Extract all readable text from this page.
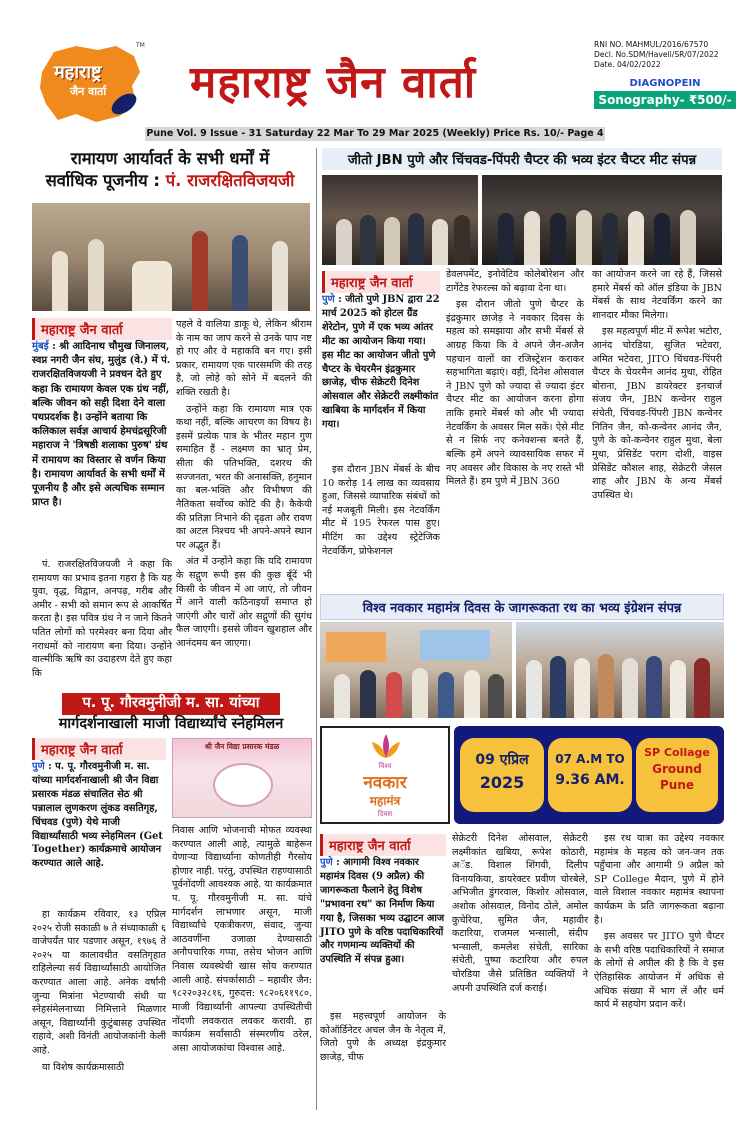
महाराष्ट्र
जैन वार्ता
TM
महाराष्ट्र जैन वार्ता
RNI NO. MAHMUL/2016/67570
Decl. No.SDM/Haveli/SR/07/2022
Date. 04/02/2022
DIAGNOPEIN
Sonography- ₹500/-
Pune Vol. 9 Issue - 31 Saturday 22 Mar To 29 Mar 2025 (Weekly) Price Rs. 10/- Page 4
रामायण आर्यावर्त के सभी धर्मों में
सर्वाधिक पूजनीय : पं. राजरक्षितविजयजी
महाराष्ट्र जैन वार्ता
मुंबई : श्री आदिनाथ चौमुख जिनालय, स्वप्न नगरी जैन संघ, मुलुंड (वे.) में पं. राजरक्षितविजयजी ने प्रवचन देते हुए कहा कि रामायण केवल एक ग्रंथ नहीं, बल्कि जीवन को सही दिशा देने वाला पथप्रदर्शक है। उन्होंने बताया कि कलिकाल सर्वज्ञ आचार्य हेमचंद्रसूरिजी महाराज ने 'त्रिषष्ठी शलाका पुरुष' ग्रंथ में रामायण का विस्तार से वर्णन किया है। रामायण आर्यावर्त के सभी धर्मों में पूजनीय है और इसे अत्यधिक सम्मान प्राप्त है।

पं. राजरक्षितविजयजी ने कहा कि रामायण का प्रभाव इतना गहरा है कि यह युवा, वृद्ध, विद्वान, अनपढ़, गरीब और अमीर - सभी को समान रूप से आकर्षित करता है। इस पवित्र ग्रंथ ने न जाने कितने पतित लोगों को परमेश्वर बना दिया और नराधमों को नारायण बना दिया। उन्होंने वाल्मीकि ऋषि का उदाहरण देते हुए कहा कि

पहले वे वालिया डाकू थे, लेकिन श्रीराम के नाम का जाप करने से उनके पाप नष्ट हो गए और वे महाकवि बन गए। इसी प्रकार, रामायण एक पारसमणि की तरह है, जो लोहे को सोने में बदलने की शक्ति रखती है।

उन्होंने कहा कि रामायण मात्र एक कथा नहीं, बल्कि आचरण का विषय है। इसमें प्रत्येक पात्र के भीतर महान गुण समाहित हैं - लक्ष्मण का भ्रातृ प्रेम, सीता की पतिभक्ति, दशरथ की सज्जनता, भरत की अनासक्ति, हनुमान का बल-भक्ति और विभीषण की नैतिकता सर्वोच्च कोटि की है। कैकेयी की प्रतिज्ञा निभाने की दृढ़ता और रावण का अटल निश्चय भी अपने-अपने स्थान पर अद्भुत हैं।

अंत में उन्होंने कहा कि यदि रामायण के सद्गुण रूपी इस की कुछ बूँदें भी किसी के जीवन में आ जाएं, तो जीवन में आने वाली कठिनाइयाँ समाप्त हो जाएंगी और चारों ओर सद्गुणों की सुगंध फैल जाएगी। इससे जीवन खुशहाल और आनंदमय बन जाएगा।

प. पू. गौरवमुनीजी म. सा. यांच्या
मार्गदर्शनाखाली माजी विद्यार्थ्यांचे स्नेहमिलन
महाराष्ट्र जैन वार्ता
पुणे : प. पू. गौरवमुनीजी म. सा. यांच्या मार्गदर्शनाखाली श्री जैन विद्या प्रसारक मंडळ संचालित सेठ श्री पन्नालाल लुणकरण लुंकड वसतिगृह, चिंचवड (पुणे) येथे माजी विद्यार्थ्यांसाठी भव्य स्नेहमिलन (Get Together) कार्यक्रमाचे आयोजन करण्यात आले आहे.

हा कार्यक्रम रविवार, १३ एप्रिल २०२५ रोजी सकाळी ७ ते संध्याकाळी ६ वाजेपर्यंत पार पडणार असून, १९७६ ते २०२५ या कालावधीत वसतिगृहात राहिलेल्या सर्व विद्यार्थ्यांसाठी आयोजित करण्यात आला आहे. अनेक वर्षांनी जुन्या मित्रांना भेटण्याची संधी या स्नेहसंमेलनाच्या निमित्ताने मिळणार असून, विद्यार्थ्यांनी कुटुंबासह उपस्थित राहावे, अशी विनंती आयोजकांनी केली आहे.

या विशेष कार्यक्रमासाठी

श्री जैन विद्या प्रसारक मंडळ

निवास आणि भोजनाची मोफत व्यवस्था करण्यात आली आहे, त्यामुळे बाहेरून येणाऱ्या विद्यार्थ्यांना कोणतीही गैरसोय होणार नाही. परंतु, उपस्थित राहण्यासाठी पूर्वनोंदणी आवश्यक आहे. या कार्यक्रमात प. पू. गौरवमुनीजी म. सा. यांचे मार्गदर्शन लाभणार असून, माजी विद्यार्थ्यांचे एकत्रीकरण, संवाद, जुन्या आठवणींना उजाळा देण्यासाठी अनौपचारिक गप्पा, तसेच भोजन आणि निवास व्यवस्थेची खास सोय करण्यात आली आहे. संपर्कासाठी – महावीर जैन: ९८२२०३२८१६, गुरुदत्त: ९८२०६११९८०. माजी विद्यार्थ्यांनी आपल्या उपस्थितीची नोंदणी लवकरात लवकर करावी. हा कार्यक्रम सर्वांसाठी संस्मरणीय ठरेल, असा आयोजकांचा विश्वास आहे.

जीतो JBN पुणे और चिंचवड-पिंपरी चैप्टर की भव्य इंटर चैप्टर मीट संपन्न
महाराष्ट्र जैन वार्ता
पुणे : जीतो पुणे JBN द्वारा 22 मार्च 2025 को होटल ग्रैंड शेरेटोन, पुणे में एक भव्य आंतर मीट का आयोजन किया गया। इस मीट का आयोजन जीतो पुणे चैप्टर के चेयरमैन इंद्रकुमार छाजेड़, चीफ सेक्रेटरी दिनेश ओसवाल और सेक्रेटरी लक्ष्मीकांत खाबिया के मार्गदर्शन में किया गया।

इस दौरान JBN मेंबर्स के बीच 10 करोड़ 14 लाख का व्यवसाय हुआ, जिससे व्यापारिक संबंधों को नई मजबूती मिली। इस नेटवर्किंग मीट में 195 रेफरल पास हुए। मीटिंग का उद्देश्य स्ट्रेटेजिक नेटवर्किंग, प्रोफेशनल

डेवलपमेंट, इनोवेटिव कोलेबोरेशन और टार्गेटेड रेफरल्स को बढ़ावा देना था।

इस दौरान जीतो पुणे चैप्टर के इंद्रकुमार छाजेड़ ने नवकार दिवस के महत्व को समझाया और सभी मेंबर्स से आग्रह किया कि वे अपने जैन-अजैन पहचान वालों का रजिस्ट्रेशन कराकर सहभागिता बढ़ाएं। वहीं, दिनेश ओसवाल ने JBN पुणे को ज्यादा से ज्यादा इंटर चैप्टर मीट का आयोजन करना होगा ताकि हमारे मेंबर्स को और भी ज्यादा नेटवर्किंग के अवसर मिल सकें। ऐसे मीट से न सिर्फ नए कनेक्शन्स बनते हैं, बल्कि हमें अपने व्यावसायिक सफर में नए अवसर और विकास के नए रास्ते भी मिलते हैं। हम पुणे में JBN 360

का आयोजन करने जा रहे हैं, जिससे हमारे मेंबर्स को ऑल इंडिया के JBN मेंबर्स के साथ नेटवर्किंग करने का शानदार मौका मिलेगा।

इस महत्वपूर्ण मीट में रूपेश भटोरा, आनंद चोरडिया, सुजित भटेवरा, अमित भटेवरा, JITO चिंचवड-पिंपरी चैप्टर के चेयरमैन आनंद मुथा, रोहित बोराना, JBN डायरेक्टर इनचार्ज संजय जैन, JBN कन्वेनर राहुल संचेती, चिंचवड-पिंपरी JBN कन्वेनर नितिन जैन, को-कन्वेनर आनंद जैन, पुणे के को-कन्वेनर राहुल मुथा, बेला मुथा, प्रेसिडेंट पराग दोशी, वाइस प्रेसिडेंट कौशल शाह, सेक्रेटरी जेसल शाह और JBN के अन्य मेंबर्स उपस्थित थे।

विश्व नवकार महामंत्र दिवस के जागरूकता रथ का भव्य इंग्रेशन संपन्न
विश्व
नवकार
महामंत्र
दिवस
09 एप्रिल
2025
07 A.M TO
9.36 AM.
SP Collage
Ground
Pune
महाराष्ट्र जैन वार्ता
पुणे : आगामी विश्व नवकार महामंत्र दिवस (9 अप्रैल) की जागरूकता फैलाने हेतु विशेष "प्रभावना रथ" का निर्माण किया गया है, जिसका भव्य उद्घाटन आज JITO पुणे के वरिष्ठ पदाधिकारियों और गणमान्य व्यक्तियों की उपस्थिति में संपन्न हुआ।

इस महत्त्वपूर्ण आयोजन के कोऑर्डिनेटर अचल जैन के नेतृत्व में, जितो पुणे के अध्यक्ष इंद्रकुमार छाजेड़, चीफ

सेक्रेटरी दिनेश ओसवाल, सेक्रेटरी लक्ष्मीकांत खबिया, रूपेश कोठारी, अॅड. विशाल शिंगवी, दिलीप विनायकिया, डायरेक्टर प्रवीण चोरबेले, अभिजीत डुंगरवाल, किशोर ओसवाल, अशोक ओसवाल, विनोद ठोले, अमोल कुचेरिया, सुमित जैन, महावीर कटारिया, राजमल भन्साली, संदीप भन्साली, कमलेश संचेती, सारिका संचेती, पुष्पा कटारिया और रुपल चोरडिया जैसे प्रतिष्ठित व्यक्तियों ने अपनी उपस्थिति दर्ज कराई।

इस रथ यात्रा का उद्देश्य नवकार महामंत्र के महत्व को जन-जन तक पहुँचाना और आगामी 9 अप्रैल को SP College मैदान, पुणे में होने वाले विशाल नवकार महामंत्र स्थापना कार्यक्रम के प्रति जागरूकता बढ़ाना है।

इस अवसर पर JITO पुणे चैप्टर के सभी वरिष्ठ पदाधिकारियों ने समाज के लोगों से अपील की है कि वे इस ऐतिहासिक आयोजन में अधिक से अधिक संख्या में भाग लें और धर्म कार्य में सहयोग प्रदान करें।
